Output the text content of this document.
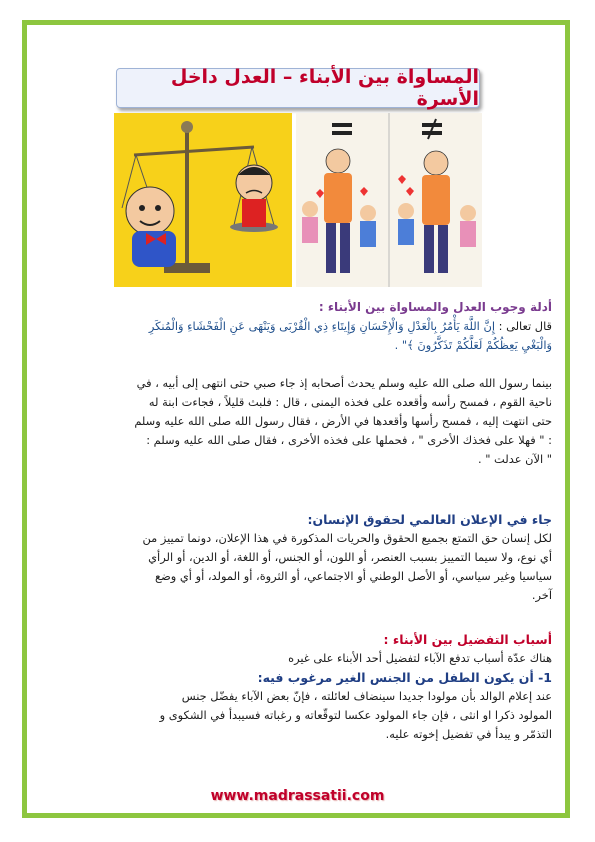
المساواة بين الأبناء – العدل داخل الأسرة
أدلة وجوب العدل والمساواة بين الأبناء :
قال تعالى : إِنَّ اللَّهَ يَأْمُرُ بِالْعَدْلِ وَالْإِحْسَانِ وَإِيتَاءِ ذِي الْقُرْبَى وَيَنْهَى عَنِ الْفَحْشَاءِ وَالْمُنكَرِ
وَالْبَغْيِ يَعِظُكُمْ لَعَلَّكُمْ تَذَكَّرُونَ ﴾" .
بينما رسول الله صلى الله عليه وسلم يحدث أصحابه إذ جاء صبي حتى انتهى إلى أبيه ، في
ناحية القوم ، فمسح رأسه وأقعده على فخذه اليمنى ، قال : فلبث قليلاً ، فجاءت ابنة له
حتى انتهت إليه ، فمسح رأسها وأقعدها في الأرض ، فقال رسول الله صلى الله عليه وسلم
: " فهلا على فخذك الأخرى " ، فحملها على فخذه الأخرى ، فقال صلى الله عليه وسلم :
" الآن عدلت " .
جاء في الإعلان العالمي لحقوق الإنسان:
لكل إنسان حق التمتع بجميع الحقوق والحريات المذكورة في هذا الإعلان، دونما تمييز من
أي نوع، ولا سيما التمييز بسبب العنصر، أو اللون، أو الجنس، أو اللغة، أو الدين، أو الرأي
سياسيا وغير سياسي، أو الأصل الوطني أو الاجتماعي، أو الثروة، أو المولد، أو أي وضع
آخر.
أسباب التفضيل بين الأبناء :
هناك عدّة أسباب تدفع الآباء لتفضيل أحد الأبناء على غيره
1- أن يكون الطفل من الجنس الغير مرغوب فيه:
عند إعلام الوالد بأن مولودا جديدا سينضاف لعائلته ، فإنّ بعض الآباء يفضّل جنس
المولود ذكرا او انثى ، فإن جاء المولود عكسا لتوقّعاته و رغباته فسيبدأ في الشكوى و
التذمّر و يبدأ في تفضيل إخوته عليه.
www.madrassatii.com
